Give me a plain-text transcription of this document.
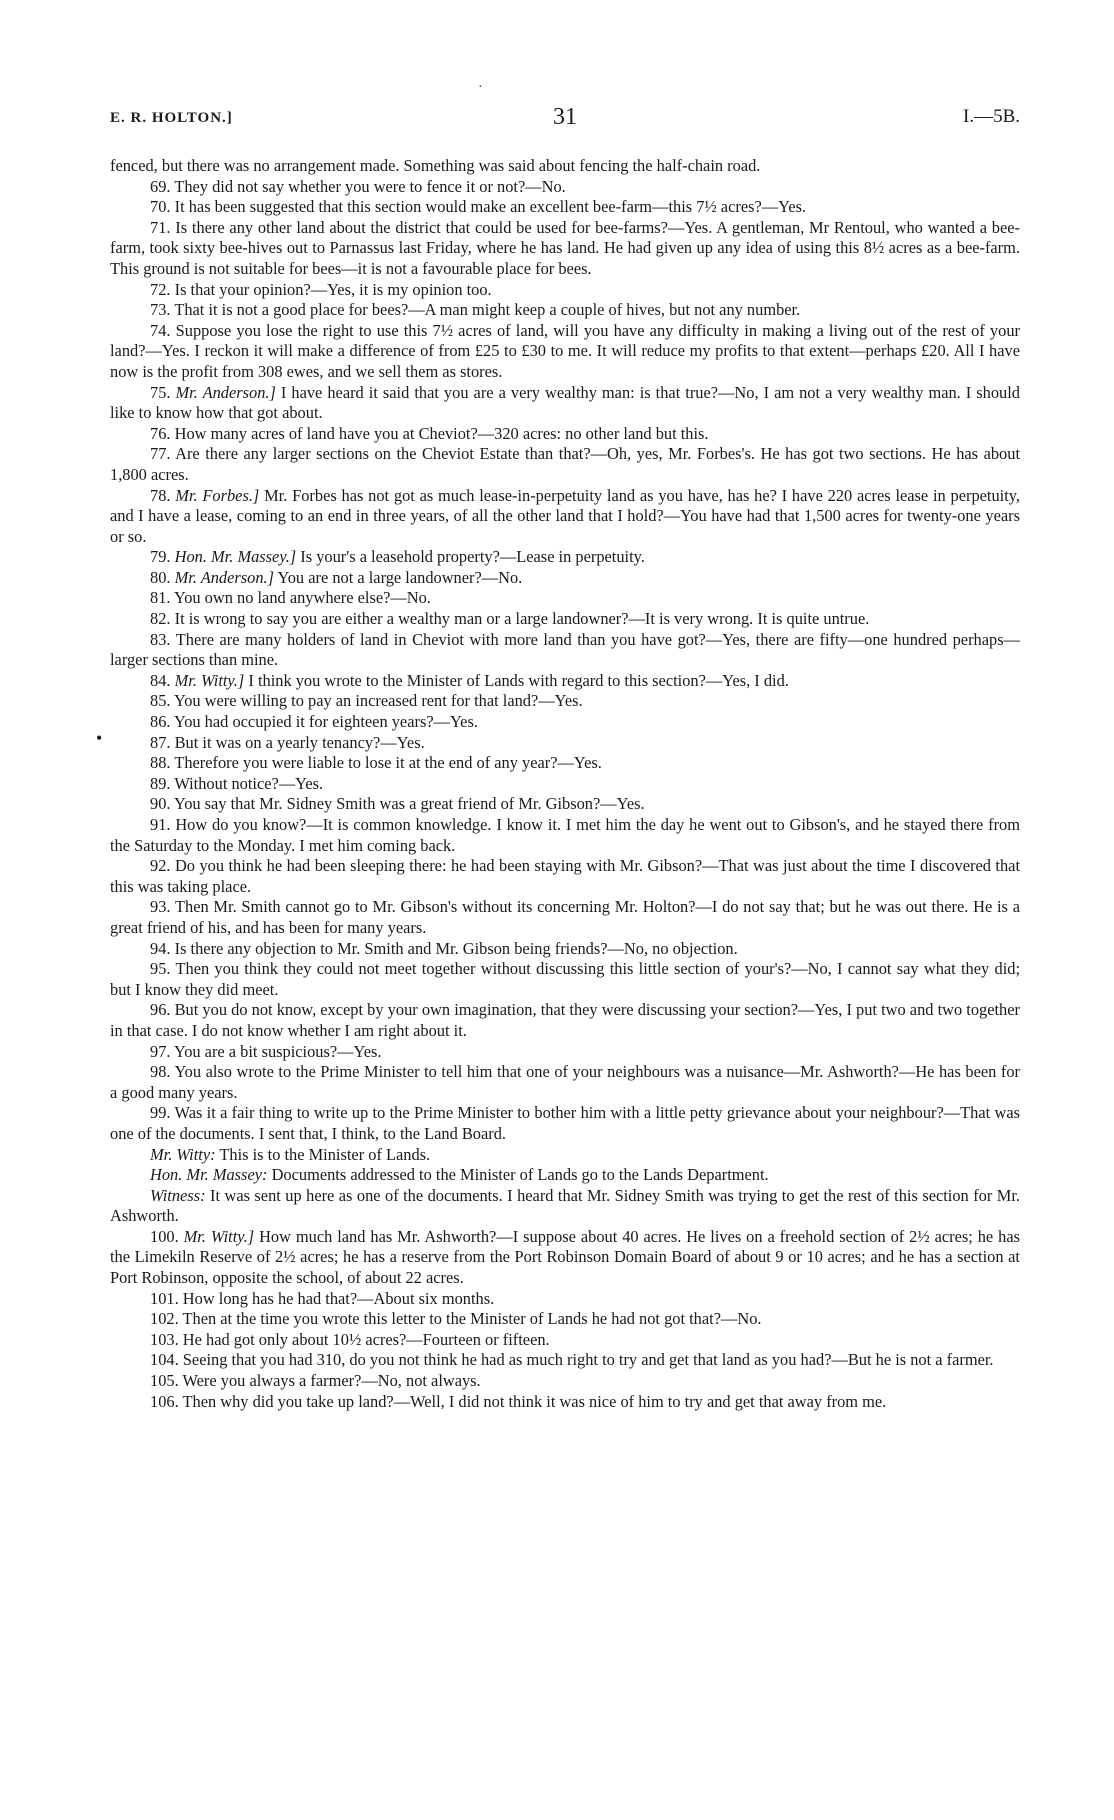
E. R. HOLTON.]	31	I.—5B.
·
•

fenced, but there was no arrangement made. Something was said about fencing the half-chain road.

69. They did not say whether you were to fence it or not?—No.

70. It has been suggested that this section would make an excellent bee-farm—this 7½ acres?—Yes.

71. Is there any other land about the district that could be used for bee-farms?—Yes. A gentleman, Mr Rentoul, who wanted a bee-farm, took sixty bee-hives out to Parnassus last Friday, where he has land. He had given up any idea of using this 8½ acres as a bee-farm. This ground is not suitable for bees—it is not a favourable place for bees.

72. Is that your opinion?—Yes, it is my opinion too.

73. That it is not a good place for bees?—A man might keep a couple of hives, but not any number.

74. Suppose you lose the right to use this 7½ acres of land, will you have any difficulty in making a living out of the rest of your land?—Yes. I reckon it will make a difference of from £25 to £30 to me. It will reduce my profits to that extent—perhaps £20. All I have now is the profit from 308 ewes, and we sell them as stores.

75. Mr. Anderson.] I have heard it said that you are a very wealthy man: is that true?—No, I am not a very wealthy man. I should like to know how that got about.

76. How many acres of land have you at Cheviot?—320 acres: no other land but this.

77. Are there any larger sections on the Cheviot Estate than that?—Oh, yes, Mr. Forbes's. He has got two sections. He has about 1,800 acres.

78. Mr. Forbes.] Mr. Forbes has not got as much lease-in-perpetuity land as you have, has he? I have 220 acres lease in perpetuity, and I have a lease, coming to an end in three years, of all the other land that I hold?—You have had that 1,500 acres for twenty-one years or so.

79. Hon. Mr. Massey.] Is your's a leasehold property?—Lease in perpetuity.

80. Mr. Anderson.] You are not a large landowner?—No.

81. You own no land anywhere else?—No.

82. It is wrong to say you are either a wealthy man or a large landowner?—It is very wrong. It is quite untrue.

83. There are many holders of land in Cheviot with more land than you have got?—Yes, there are fifty—one hundred perhaps—larger sections than mine.

84. Mr. Witty.] I think you wrote to the Minister of Lands with regard to this section?—Yes, I did.

85. You were willing to pay an increased rent for that land?—Yes.

86. You had occupied it for eighteen years?—Yes.

87. But it was on a yearly tenancy?—Yes.

88. Therefore you were liable to lose it at the end of any year?—Yes.

89. Without notice?—Yes.

90. You say that Mr. Sidney Smith was a great friend of Mr. Gibson?—Yes.

91. How do you know?—It is common knowledge. I know it. I met him the day he went out to Gibson's, and he stayed there from the Saturday to the Monday. I met him coming back.

92. Do you think he had been sleeping there: he had been staying with Mr. Gibson?—That was just about the time I discovered that this was taking place.

93. Then Mr. Smith cannot go to Mr. Gibson's without its concerning Mr. Holton?—I do not say that; but he was out there. He is a great friend of his, and has been for many years.

94. Is there any objection to Mr. Smith and Mr. Gibson being friends?—No, no objection.

95. Then you think they could not meet together without discussing this little section of your's?—No, I cannot say what they did; but I know they did meet.

96. But you do not know, except by your own imagination, that they were discussing your section?—Yes, I put two and two together in that case. I do not know whether I am right about it.

97. You are a bit suspicious?—Yes.

98. You also wrote to the Prime Minister to tell him that one of your neighbours was a nuisance—Mr. Ashworth?—He has been for a good many years.

99. Was it a fair thing to write up to the Prime Minister to bother him with a little petty grievance about your neighbour?—That was one of the documents. I sent that, I think, to the Land Board.

Mr. Witty: This is to the Minister of Lands.

Hon. Mr. Massey: Documents addressed to the Minister of Lands go to the Lands Department.

Witness: It was sent up here as one of the documents. I heard that Mr. Sidney Smith was trying to get the rest of this section for Mr. Ashworth.

100. Mr. Witty.] How much land has Mr. Ashworth?—I suppose about 40 acres. He lives on a freehold section of 2½ acres; he has the Limekiln Reserve of 2½ acres; he has a reserve from the Port Robinson Domain Board of about 9 or 10 acres; and he has a section at Port Robinson, opposite the school, of about 22 acres.

101. How long has he had that?—About six months.

102. Then at the time you wrote this letter to the Minister of Lands he had not got that?—No.

103. He had got only about 10½ acres?—Fourteen or fifteen.

104. Seeing that you had 310, do you not think he had as much right to try and get that land as you had?—But he is not a farmer.

105. Were you always a farmer?—No, not always.

106. Then why did you take up land?—Well, I did not think it was nice of him to try and get that away from me.
